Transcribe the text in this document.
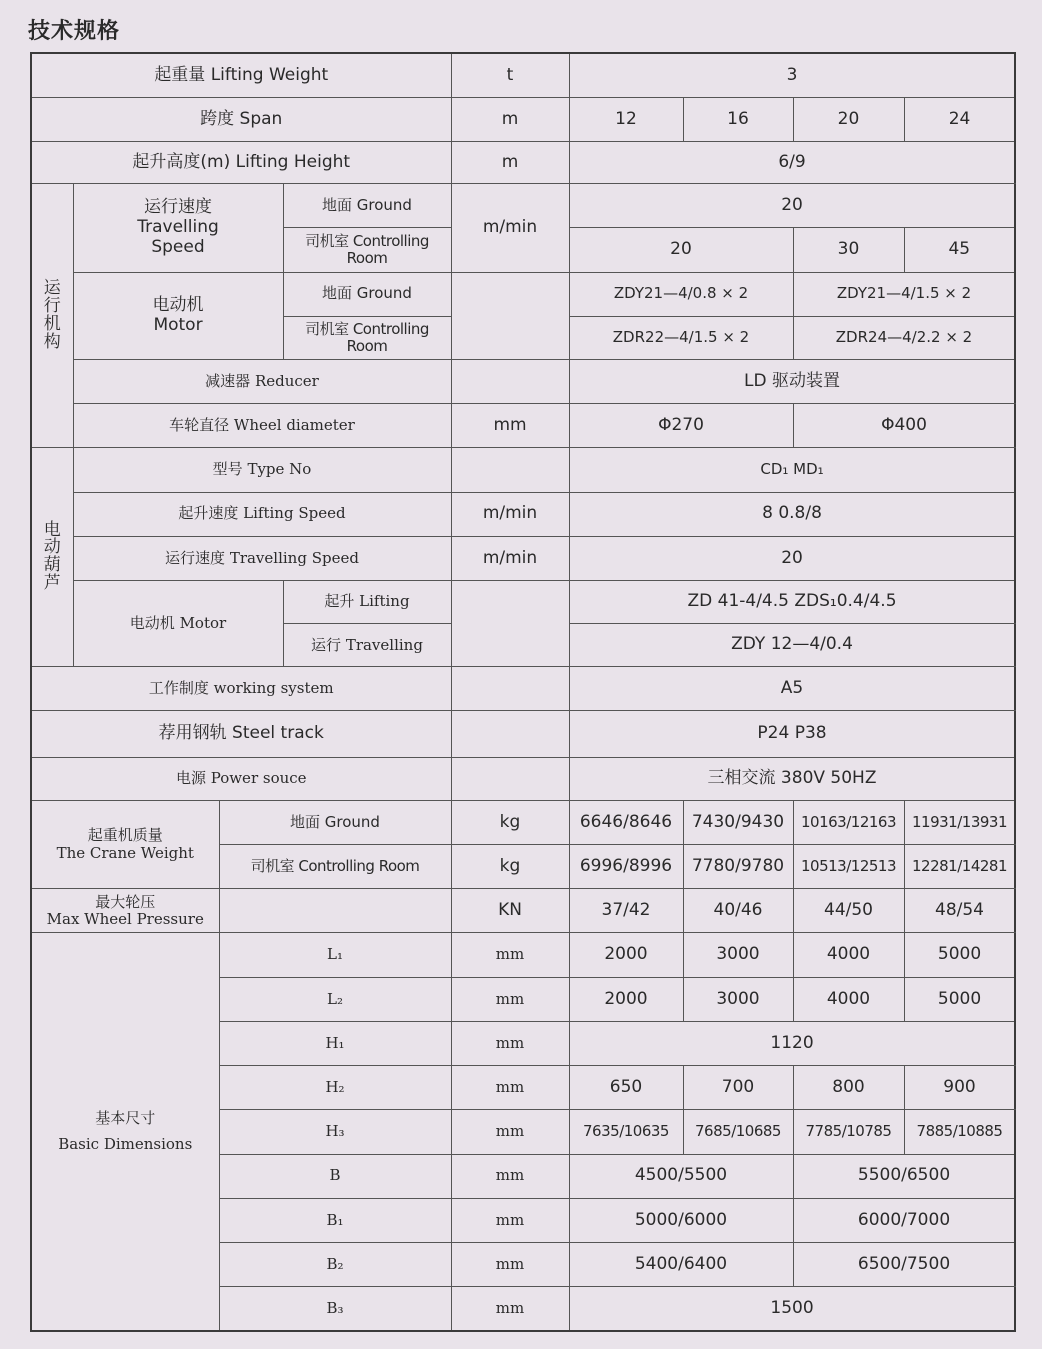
技术规格
起重量 Lifting Weight				t	3			
跨度 Span				m	12	16	20	24
起升高度(m) Lifting Height				m	6/9			

运
行
机
构	运行速度
Travelling
Speed		地面 Ground	m/min	20			
			司机室 Controlling Room		20		30	45

	电动机
Motor		地面 Ground		ZDY21—4/0.8 × 2		ZDY21—4/1.5 × 2	
			司机室 Controlling Room		ZDR22—4/1.5 × 2		ZDR24—4/2.2 × 2	
	减速器 Reducer				LD 驱动装置			
	车轮直径 Wheel diameter			mm	Φ270		Φ400	

电
动
葫
芦	型号 Type No				CD₁ MD₁			
	起升速度 Lifting Speed			m/min	8 0.8/8			
	运行速度 Travelling Speed			m/min	20			
	电动机 Motor		起升 Lifting		ZD 41-4/4.5 ZDS₁0.4/4.5			
			运行 Travelling		ZDY 12—4/0.4			
工作制度 working system					A5			
荐用钢轨 Steel track					P24 P38			
电源 Power souce					三相交流 380V 50HZ			

起重机质量
The Crane Weight		地面 Ground		kg	6646/8646	7430/9430	10163/12163	11931/13931
		司机室 Controlling Room		kg	6996/8996	7780/9780	10513/12513	12281/14281

最大轮压
Max Wheel Pressure				KN	37/42	40/46	44/50	48/54

基本尺寸
Basic Dimensions		L₁		mm	2000	3000	4000	5000
		L₂		mm	2000	3000	4000	5000
		H₁		mm	1120			
		H₂		mm	650	700	800	900
		H₃		mm	7635/10635	7685/10685	7785/10785	7885/10885
		B		mm	4500/5500		5500/6500	
		B₁		mm	5000/6000		6000/7000	
		B₂		mm	5400/6400		6500/7500	
		B₃		mm	1500			
